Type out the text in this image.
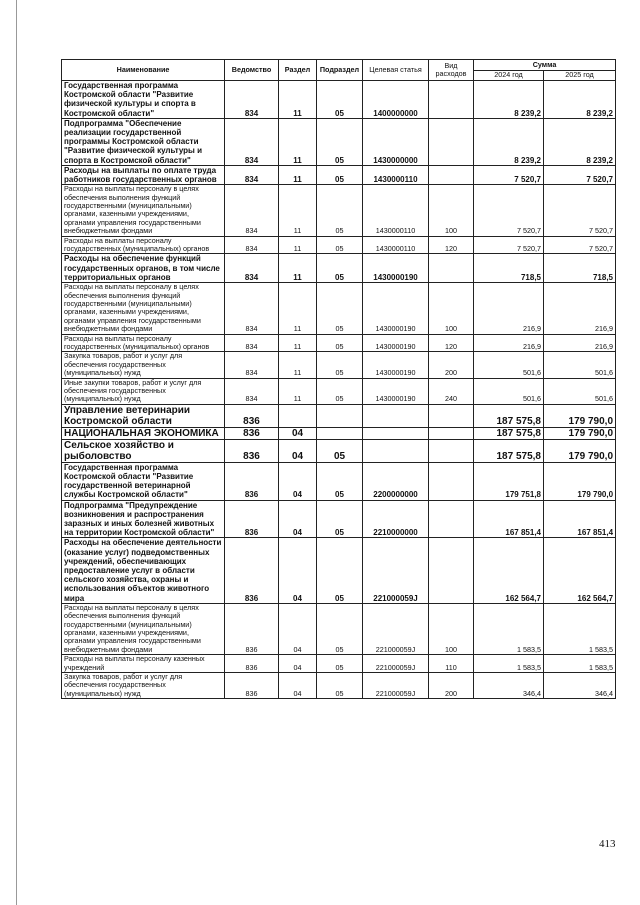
Наименование	Ведомство	Раздел	Подраздел	Целевая статья	Вид расходов	Сумма	
						2024 год	2025 год
Государственная программа Костромской области "Развитие физической культуры и спорта в Костромской области"	834	11	05	1400000000		8 239,2	8 239,2
Подпрограмма "Обеспечение реализации государственной программы Костромской области "Развитие физической культуры и спорта в Костромской области"	834	11	05	1430000000		8 239,2	8 239,2
Расходы на выплаты по оплате труда работников государственных органов	834	11	05	1430000110		7 520,7	7 520,7
Расходы на выплаты персоналу в целях обеспечения выполнения функций государственными (муниципальными) органами, казенными учреждениями, органами управления государственными внебюджетными фондами	834	11	05	1430000110	100	7 520,7	7 520,7
Расходы на выплаты персоналу государственных (муниципальных) органов	834	11	05	1430000110	120	7 520,7	7 520,7
Расходы на обеспечение функций государственных органов, в том числе территориальных органов	834	11	05	1430000190		718,5	718,5
Расходы на выплаты персоналу в целях обеспечения выполнения функций государственными (муниципальными) органами, казенными учреждениями, органами управления государственными внебюджетными фондами	834	11	05	1430000190	100	216,9	216,9
Расходы на выплаты персоналу государственных (муниципальных) органов	834	11	05	1430000190	120	216,9	216,9
Закупка товаров, работ и услуг для обеспечения государственных (муниципальных) нужд	834	11	05	1430000190	200	501,6	501,6
Иные закупки товаров, работ и услуг для обеспечения государственных (муниципальных) нужд	834	11	05	1430000190	240	501,6	501,6
Управление ветеринарии Костромской области	836					187 575,8	179 790,0
НАЦИОНАЛЬНАЯ ЭКОНОМИКА	836	04				187 575,8	179 790,0
Сельское хозяйство и рыболовство	836	04	05			187 575,8	179 790,0
Государственная программа Костромской области "Развитие государственной ветеринарной службы Костромской области"	836	04	05	2200000000		179 751,8	179 790,0
Подпрограмма "Предупреждение возникновения и распространения заразных и иных болезней животных на территории Костромской области"	836	04	05	2210000000		167 851,4	167 851,4
Расходы на обеспечение деятельности (оказание услуг) подведомственных учреждений, обеспечивающих предоставление услуг в области сельского хозяйства, охраны и использования объектов животного мира	836	04	05	221000059J		162 564,7	162 564,7
Расходы на выплаты персоналу в целях обеспечения выполнения функций государственными (муниципальными) органами, казенными учреждениями, органами управления государственными внебюджетными фондами	836	04	05	221000059J	100	1 583,5	1 583,5
Расходы на выплаты персоналу казенных учреждений	836	04	05	221000059J	110	1 583,5	1 583,5
Закупка товаров, работ и услуг для обеспечения государственных (муниципальных) нужд	836	04	05	221000059J	200	346,4	346,4
413
